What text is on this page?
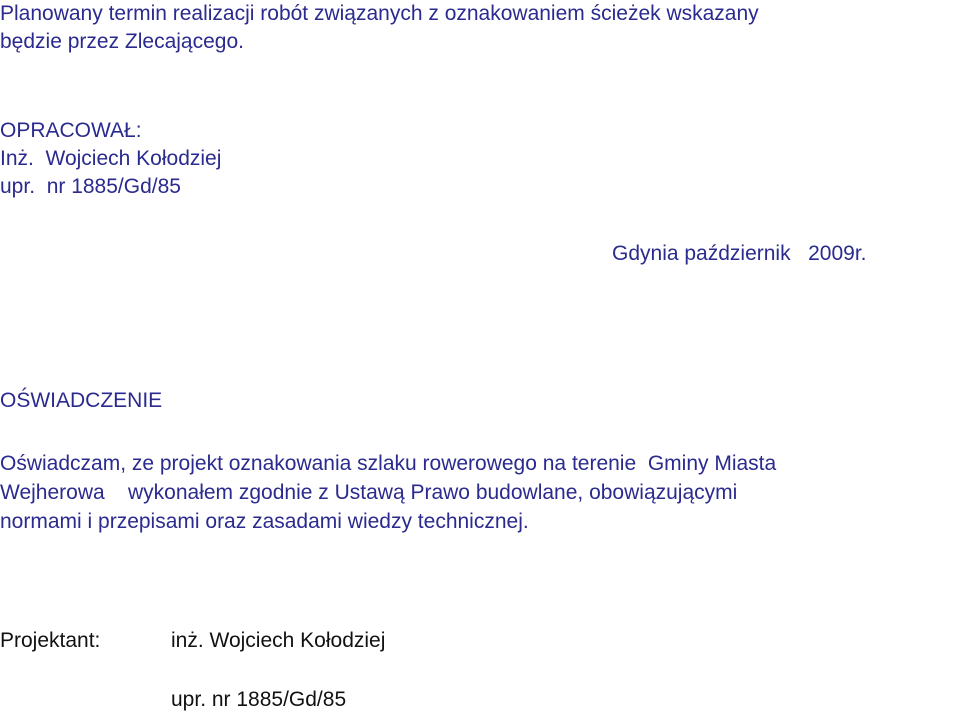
Planowany termin realizacji robót związanych z oznakowaniem ścieżek wskazany
będzie przez Zlecającego.
OPRACOWAŁ:
Inż.  Wojciech Kołodziej
upr.  nr 1885/Gd/85
Gdynia październik   2009r.
OŚWIADCZENIE
Oświadczam, ze projekt oznakowania szlaku rowerowego na terenie  Gminy Miasta
Wejherowa    wykonałem zgodnie z Ustawą Prawo budowlane, obowiązującymi
normami i przepisami oraz zasadami wiedzy technicznej.
Projektant:	inż. Wojciech Kołodziej
upr. nr 1885/Gd/85
